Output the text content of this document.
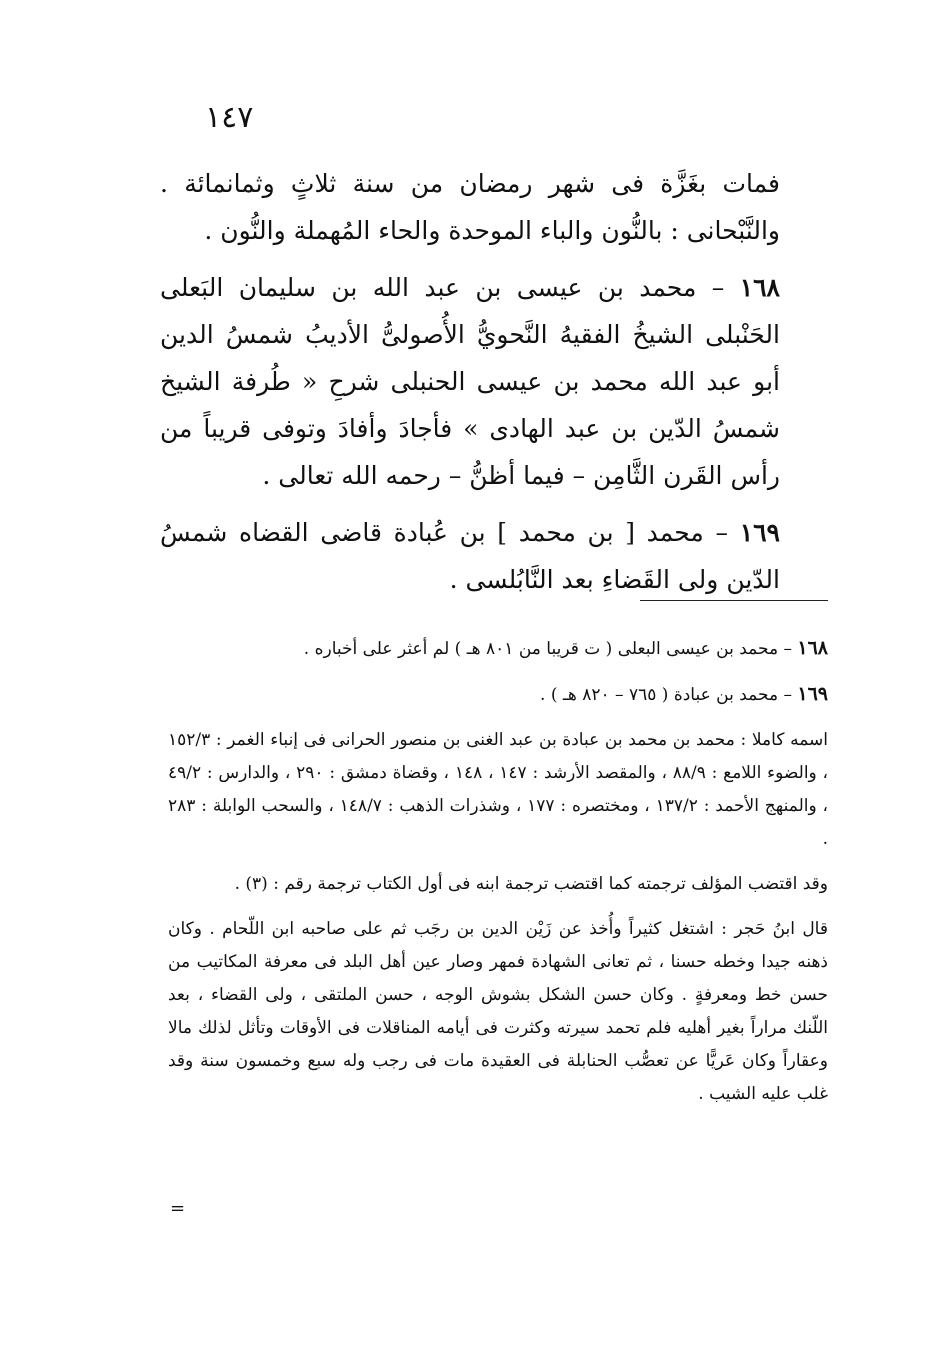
١٤٧

فمات بغَزَّة فى شهر رمضان من سنة ثلاثٍ وثمانمائة . والنَّبْحانى : بالنُّون والباء الموحدة والحاء المُهملة والنُّون .

١٦٨ – محمد بن عيسى بن عبد الله بن سليمان البَعلى الحَنْبلى الشيخُ الفقيهُ النَّحويُّ الأُصولىُّ الأديبُ شمسُ الدين أبو عبد الله محمد بن عيسى الحنبلى شرحِ « طُرفة الشيخ شمسُ الدّين بن عبد الهادى » فأجادَ وأفادَ وتوفى قريباً من رأس القَرن الثَّامِن – فيما أظنُّ – رحمه الله تعالى .

١٦٩ – محمد [ بن محمد ] بن عُبادة قاضى القضاه شمسُ الدّين ولى القَضاءِ بعد النَّابُلسى .

١٦٨ – محمد بن عيسى البعلى ( ت قريبا من ٨٠١ هـ ) لم أعثر على أخباره .

١٦٩ – محمد بن عبادة ( ٧٦٥ – ٨٢٠ هـ ) .

اسمه كاملا : محمد بن محمد بن عبادة بن عبد الغنى بن منصور الحرانى فى إنباء الغمر : ١٥٢/٣ ، والضوء اللامع : ٨٨/٩ ، والمقصد الأرشد : ١٤٧ ، ١٤٨ ، وقضاة دمشق : ٢٩٠ ، والدارس : ٤٩/٢ ، والمنهج الأحمد : ١٣٧/٢ ، ومختصره : ١٧٧ ، وشذرات الذهب : ١٤٨/٧ ، والسحب الوابلة : ٢٨٣ .

وقد اقتضب المؤلف ترجمته كما اقتضب ترجمة ابنه فى أول الكتاب ترجمة رقم : (٣) .

قال ابنُ حَجر : اشتغل كثيراً وأُخذ عن زَيْن الدين بن رجَب ثم على صاحبه ابن اللّحام . وكان ذهنه جيدا وخطه حسنا ، ثم تعانى الشهادة فمهر وصار عين أهل البلد فى معرفة المكاتيب من حسن خط ومعرفةٍ . وكان حسن الشكل بشوش الوجه ، حسن الملتقى ، ولى القضاء ، بعد اللّنك مراراً بغير أهليه فلم تحمد سيرته وكثرت فى أيامه المناقلات فى الأوقات وتأثل لذلك مالا وعقاراً وكان عَريًّا عن تعصُّب الحنابلة فى العقيدة مات فى رجب وله سبع وخمسون سنة وقد غلب عليه الشيب .

=
